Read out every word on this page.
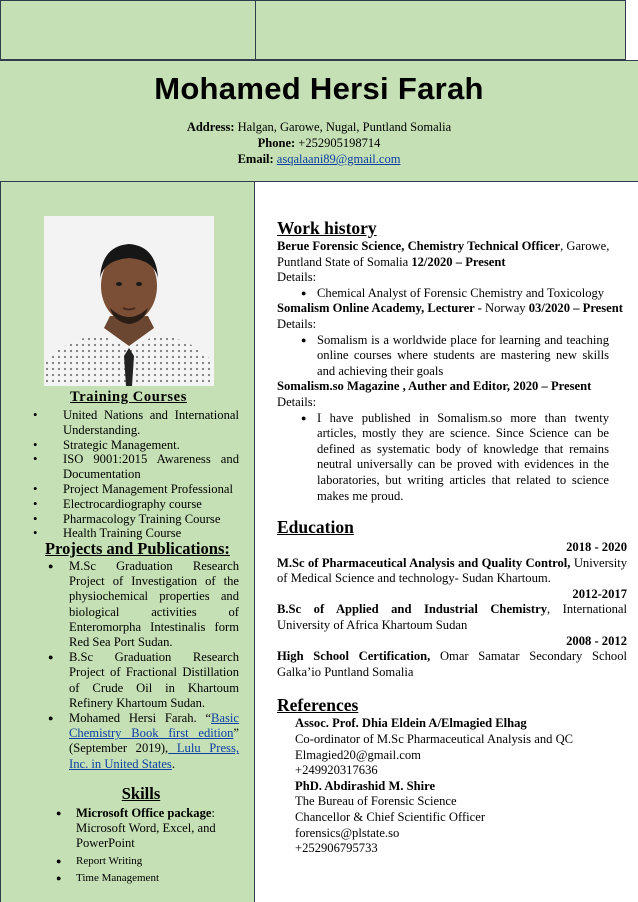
Mohamed Hersi Farah
Address: Halgan, Garowe, Nugal, Puntland Somalia
Phone: +252905198714
Email: asqalaani89@gmail.com
Training Courses
• United Nations and International Understanding.
• Strategic Management.
• ISO 9001:2015 Awareness and Documentation
• Project Management Professional
• Electrocardiography course
• Pharmacology Training Course
• Health Training Course
Projects and Publications:
● M.Sc Graduation Research Project of Investigation of the physiochemical properties and biological activities of Enteromorpha Intestinalis form Red Sea Port Sudan.
● B.Sc Graduation Research Project of Fractional Distillation of Crude Oil in Khartoum Refinery Khartoum Sudan.
● Mohamed Hersi Farah. “Basic Chemistry Book first edition” (September 2019), Lulu Press, Inc. in United States.
Skills
● Microsoft Office package: Microsoft Word, Excel, and PowerPoint
● Report Writing
● Time Management
Work history
Berue Forensic Science, Chemistry Technical Officer, Garowe, Puntland State of Somalia 12/2020 – Present
Details:
● Chemical Analyst of Forensic Chemistry and Toxicology
Somalism Online Academy, Lecturer - Norway 03/2020 – Present
Details:
● Somalism is a worldwide place for learning and teaching online courses where students are mastering new skills and achieving their goals
Somalism.so Magazine , Auther and Editor, 2020 – Present
Details:
● I have published in Somalism.so more than twenty articles, mostly they are science. Since Science can be defined as systematic body of knowledge that remains neutral universally can be proved with evidences in the laboratories, but writing articles that related to science makes me proud.
Education
2018 - 2020
M.Sc of Pharmaceutical Analysis and Quality Control, University of Medical Science and technology- Sudan Khartoum.
2012-2017
B.Sc of Applied and Industrial Chemistry, International University of Africa Khartoum Sudan
2008 - 2012
High School Certification, Omar Samatar Secondary School Galka’io Puntland Somalia
References
Assoc. Prof. Dhia Eldein A/Elmagied Elhag
Co-ordinator of M.Sc Pharmaceutical Analysis and QC
Elmagied20@gmail.com
+249920317636
PhD. Abdirashid M. Shire
The Bureau of Forensic Science
Chancellor & Chief Scientific Officer
forensics@plstate.so
+252906795733
